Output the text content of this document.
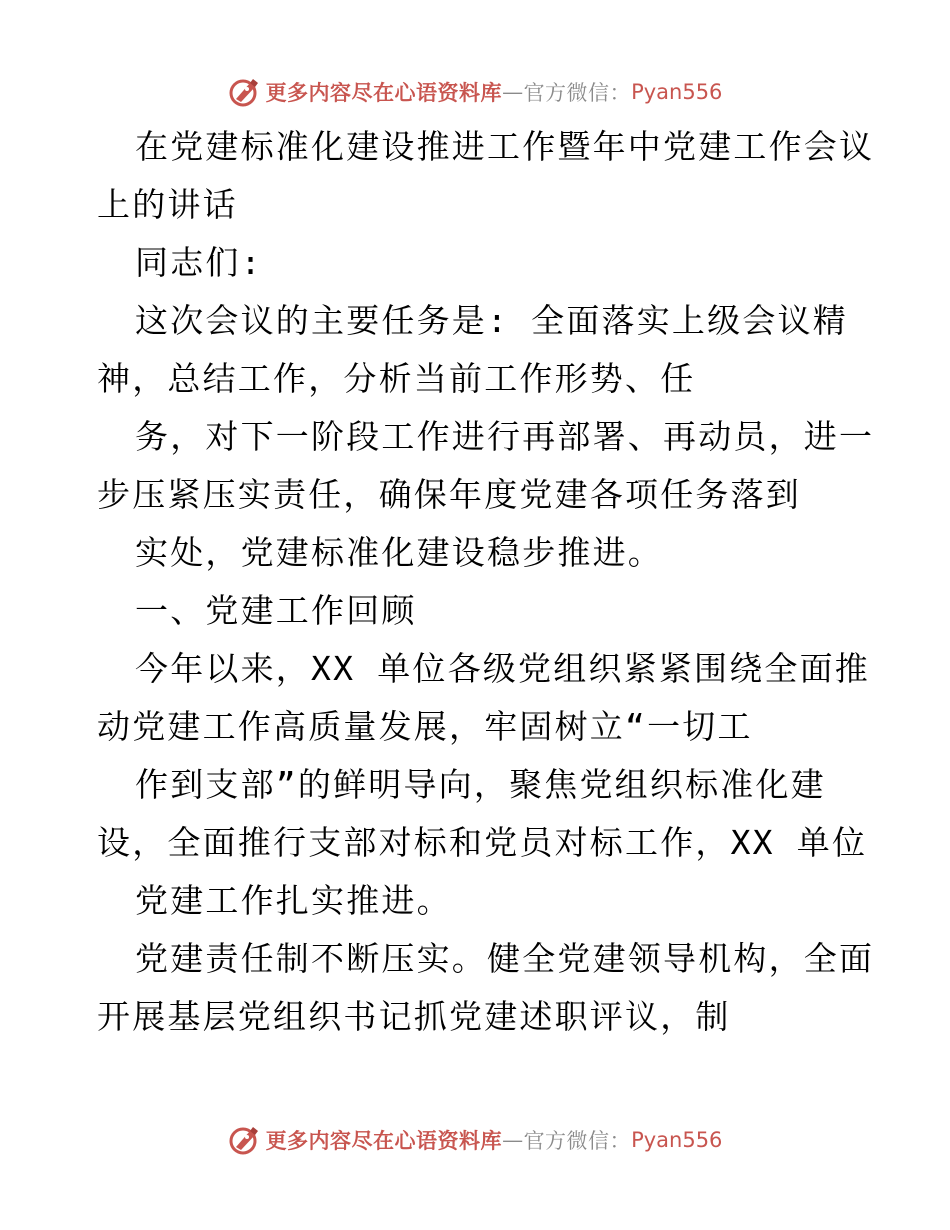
更多内容尽在心语资料库 — 官方微信： Pyan556
在党建标准化建设推进工作暨年中党建工作会议
上的讲话
同志们:
这次会议的主要任务是: 全面落实上级会议精
神，总结工作，分析当前工作形势、任
务，对下一阶段工作进行再部署、再动员，进一
步压紧压实责任，确保年度党建各项任务落到
实处，党建标准化建设稳步推进。
一、党建工作回顾
今年以来，XX 单位各级党组织紧紧围绕全面推
动党建工作高质量发展，牢固树立“一切工
作到支部”的鲜明导向，聚焦党组织标准化建
设，全面推行支部对标和党员对标工作，XX 单位
党建工作扎实推进。
党建责任制不断压实。健全党建领导机构，全面
开展基层党组织书记抓党建述职评议，制
更多内容尽在心语资料库 — 官方微信： Pyan556
